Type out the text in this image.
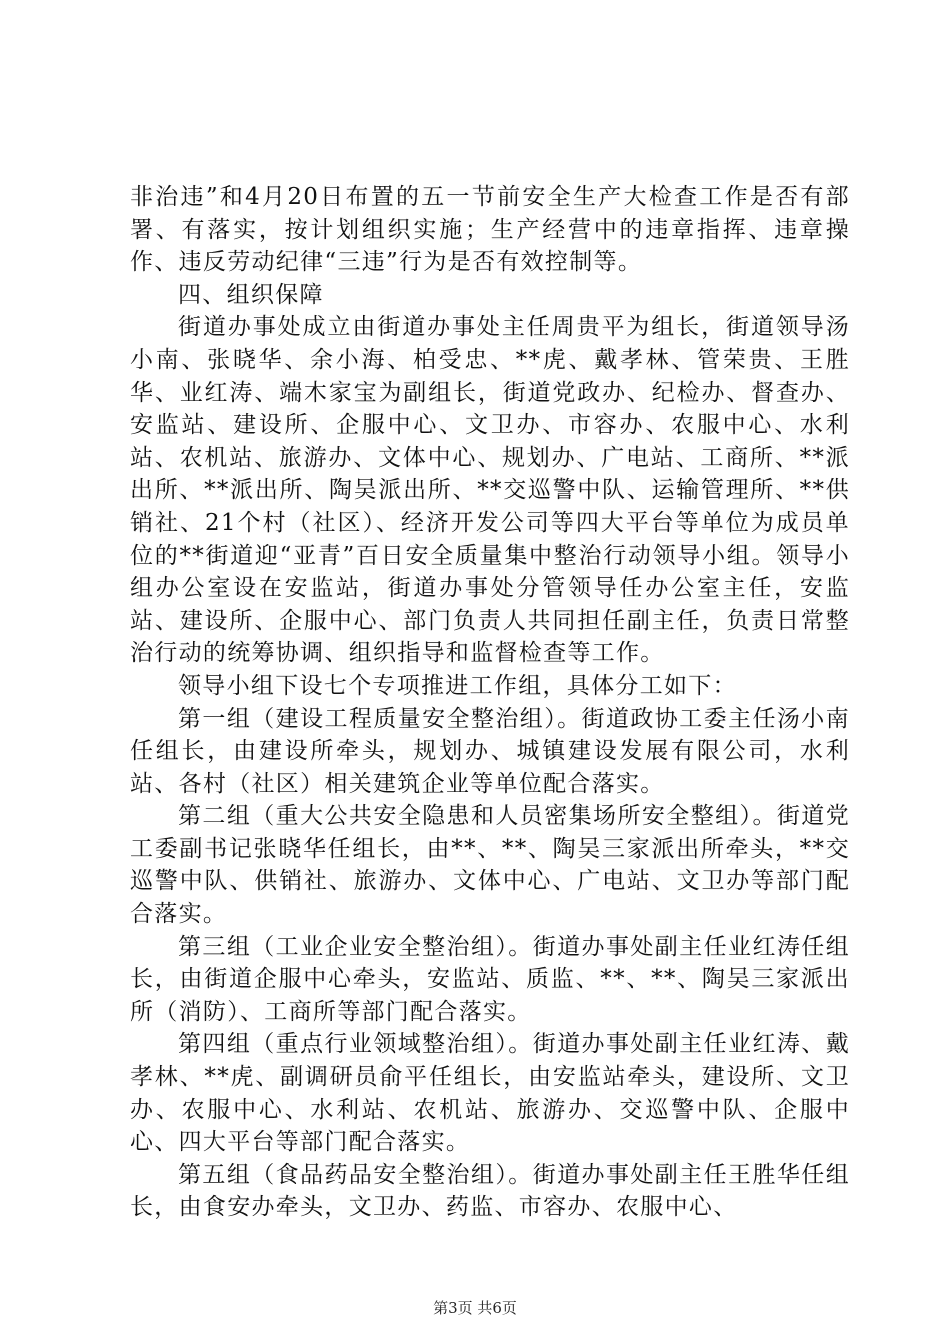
非治违”和4月20日布置的五一节前安全生产大检查工作是否有部署、有落实，按计划组织实施；生产经营中的违章指挥、违章操作、违反劳动纪律“三违”行为是否有效控制等。

四、组织保障

街道办事处成立由街道办事处主任周贵平为组长，街道领导汤小南、张晓华、余小海、柏受忠、**虎、戴孝林、管荣贵、王胜华、业红涛、端木家宝为副组长，街道党政办、纪检办、督查办、安监站、建设所、企服中心、文卫办、市容办、农服中心、水利站、农机站、旅游办、文体中心、规划办、广电站、工商所、**派出所、**派出所、陶吴派出所、**交巡警中队、运输管理所、**供销社、21个村（社区）、经济开发公司等四大平台等单位为成员单位的**街道迎“亚青”百日安全质量集中整治行动领导小组。领导小组办公室设在安监站，街道办事处分管领导任办公室主任，安监站、建设所、企服中心、部门负责人共同担任副主任，负责日常整治行动的统筹协调、组织指导和监督检查等工作。

领导小组下设七个专项推进工作组，具体分工如下：

第一组（建设工程质量安全整治组）。街道政协工委主任汤小南任组长，由建设所牵头，规划办、城镇建设发展有限公司，水利站、各村（社区）相关建筑企业等单位配合落实。

第二组（重大公共安全隐患和人员密集场所安全整组）。街道党工委副书记张晓华任组长，由**、**、陶吴三家派出所牵头，**交巡警中队、供销社、旅游办、文体中心、广电站、文卫办等部门配合落实。

第三组（工业企业安全整治组）。街道办事处副主任业红涛任组长，由街道企服中心牵头，安监站、质监、**、**、陶吴三家派出所（消防）、工商所等部门配合落实。

第四组（重点行业领域整治组）。街道办事处副主任业红涛、戴孝林、**虎、副调研员俞平任组长，由安监站牵头，建设所、文卫办、农服中心、水利站、农机站、旅游办、交巡警中队、企服中心、四大平台等部门配合落实。

第五组（食品药品安全整治组）。街道办事处副主任王胜华任组长，由食安办牵头，文卫办、药监、市容办、农服中心、

第3页 共6页
